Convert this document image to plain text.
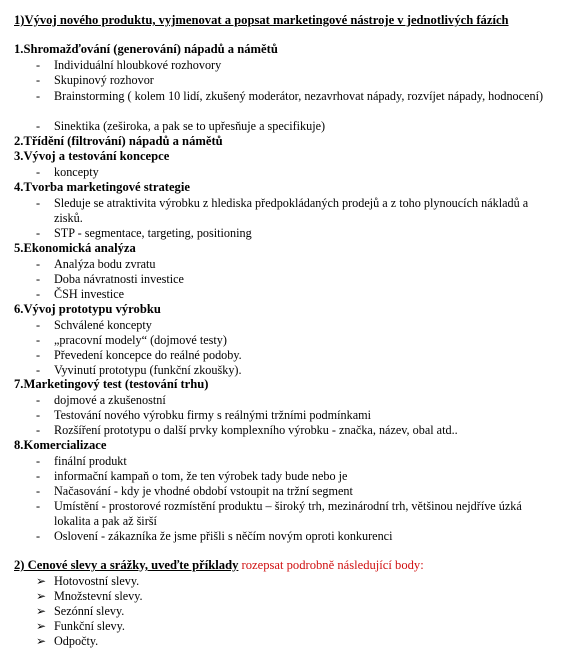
1)Vývoj nového produktu, vyjmenovat a popsat marketingové nástroje v jednotlivých fázích
1.Shromažďování (generování) nápadů a námětů
-	Individuální hloubkové rozhovory
-	Skupinový rozhovor
-	Brainstorming ( kolem 10 lidí, zkušený moderátor, nezavrhovat nápady, rozvíjet nápady, hodnocení)
-	Sinektika (zeširoka, a pak se to upřesňuje a specifikuje)
2.Třídění (filtrování) nápadů a námětů
3.Vývoj a testování koncepce
-	koncepty
4.Tvorba marketingové strategie
-	Sleduje se atraktivita výrobku z hlediska předpokládaných prodejů a z toho plynoucích nákladů a zisků.
-	STP - segmentace, targeting, positioning
5.Ekonomická analýza
-	Analýza bodu zvratu
-	Doba návratnosti investice
-	ČSH investice
6.Vývoj prototypu výrobku
-	Schválené koncepty
-	„pracovní modely“ (dojmové testy)
-	Převedení koncepce do reálné podoby.
-	Vyvinutí prototypu (funkční zkoušky).
7.Marketingový test (testování trhu)
-	dojmové a zkušenostní
-	Testování nového výrobku firmy s reálnými tržními podmínkami
-	Rozšíření prototypu o další prvky komplexního výrobku - značka, název, obal atd..
8.Komercializace
-	finální produkt
-	informační kampaň o tom, že ten výrobek tady bude nebo je
-	Načasování - kdy je vhodné období vstoupit na tržní segment
-	Umístění - prostorové rozmístění produktu – široký trh, mezinárodní trh, většinou nejdříve úzká lokalita a pak až širší
-	Oslovení - zákazníka že jsme přišli s něčím novým oproti konkurenci
2) Cenové slevy a srážky, uveďte příklady rozepsat podrobně následující body:
➢ Hotovostní slevy.
➢ Množstevní slevy.
➢ Sezónní slevy.
➢ Funkční slevy.
➢ Odpočty.
